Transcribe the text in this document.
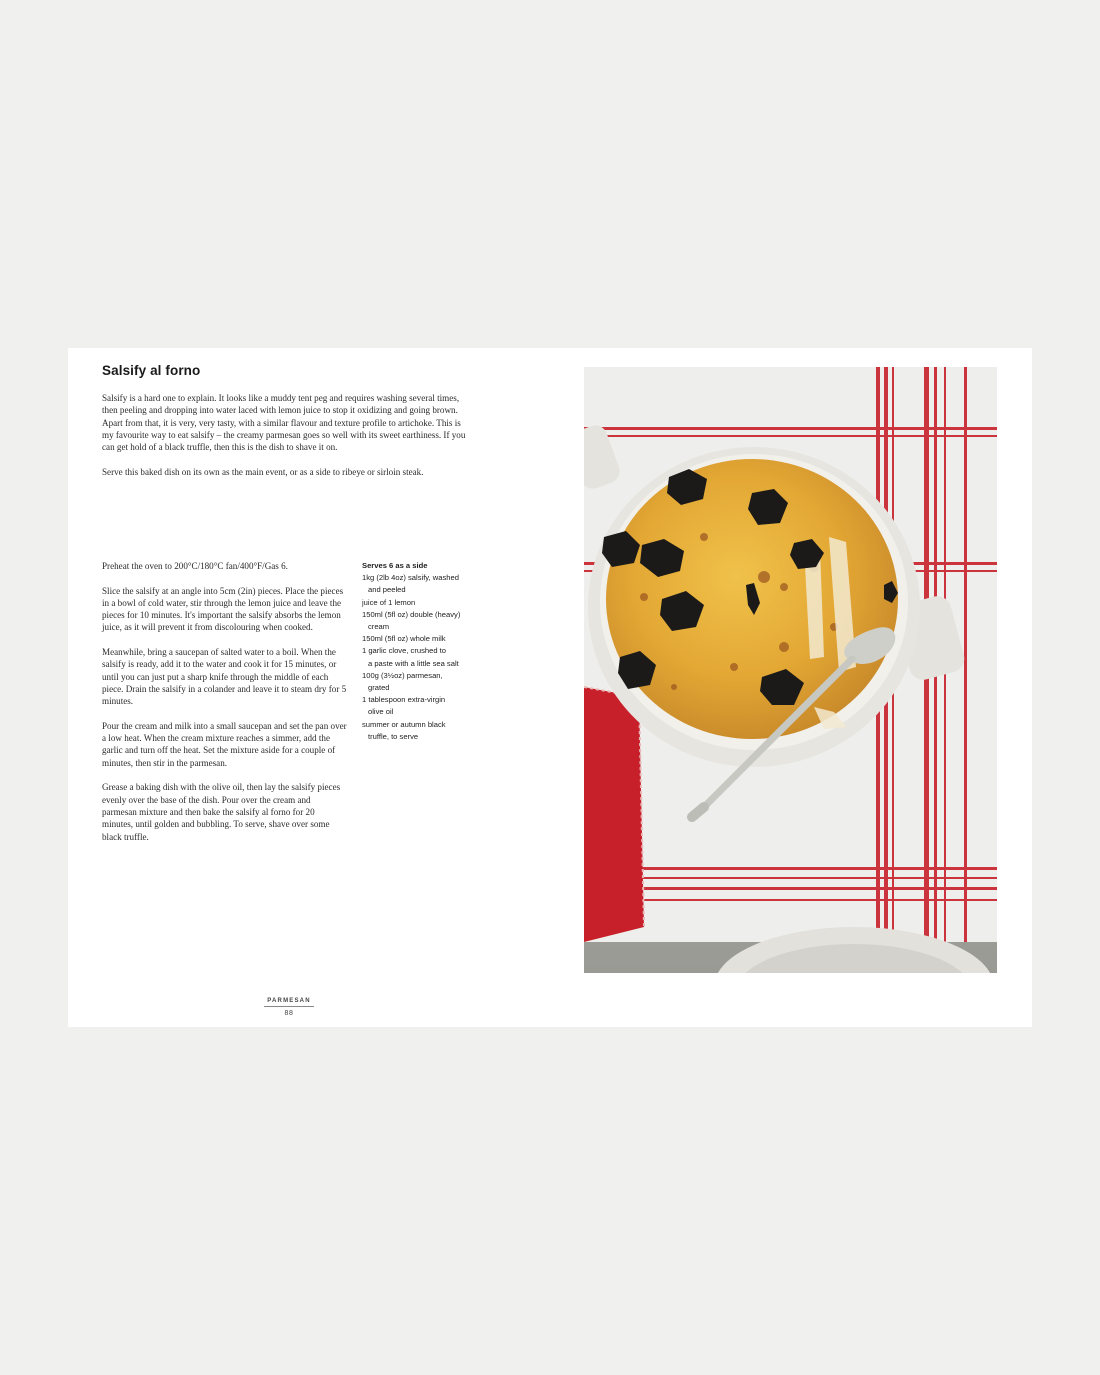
Salsify al forno

Salsify is a hard one to explain. It looks like a muddy tent peg and requires washing several times, then peeling and dropping into water laced with lemon juice to stop it oxidizing and going brown. Apart from that, it is very, very tasty, with a similar flavour and texture profile to artichoke. This is my favourite way to eat salsify – the creamy parmesan goes so well with its sweet earthiness. If you can get hold of a black truffle, then this is the dish to shave it on.

Serve this baked dish on its own as the main event, or as a side to ribeye or sirloin steak.

Preheat the oven to 200°C/180°C fan/400°F/Gas 6.

Slice the salsify at an angle into 5cm (2in) pieces. Place the pieces in a bowl of cold water, stir through the lemon juice and leave the pieces for 10 minutes. It's important the salsify absorbs the lemon juice, as it will prevent it from discolouring when cooked.

Meanwhile, bring a saucepan of salted water to a boil. When the salsify is ready, add it to the water and cook it for 15 minutes, or until you can just put a sharp knife through the middle of each piece. Drain the salsify in a colander and leave it to steam dry for 5 minutes.

Pour the cream and milk into a small saucepan and set the pan over a low heat. When the cream mixture reaches a simmer, add the garlic and turn off the heat. Set the mixture aside for a couple of minutes, then stir in the parmesan.

Grease a baking dish with the olive oil, then lay the salsify pieces evenly over the base of the dish. Pour over the cream and parmesan mixture and then bake the salsify al forno for 20 minutes, until golden and bubbling. To serve, shave over some black truffle.

Serves 6 as a side
1kg (2lb 4oz) salsify, washed
and peeled
juice of 1 lemon
150ml (5fl oz) double (heavy)
cream
150ml (5fl oz) whole milk
1 garlic clove, crushed to
a paste with a little sea salt
100g (3½oz) parmesan,
grated
1 tablespoon extra-virgin
olive oil
summer or autumn black
truffle, to serve
PARMESAN
88
